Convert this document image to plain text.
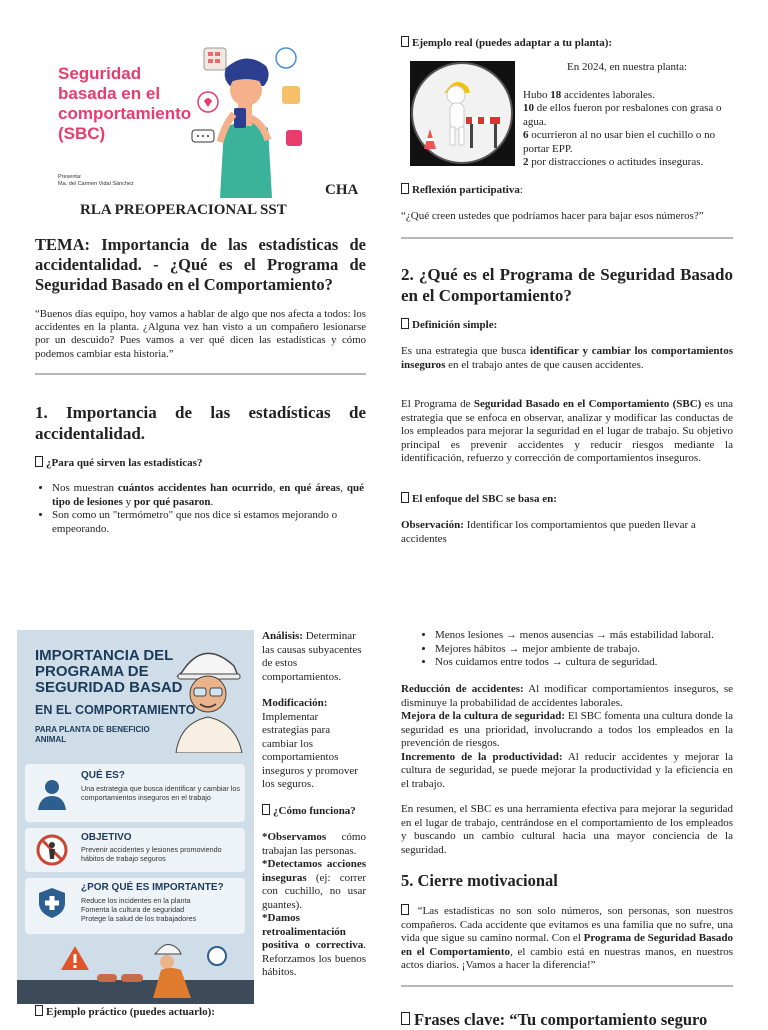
Seguridad
basada en el
comportamiento
(SBC)
Presenta:
Ma. del Carmen Vidal Sánchez	CHA
RLA PREOPERACIONAL SST
TEMA: Importancia de las estadísticas de accidentalidad. - ¿Qué es el Programa de Seguridad Basado en el Comportamiento?

“Buenos días equipo, hoy vamos a hablar de algo que nos afecta a todos: los accidentes en la planta. ¿Alguna vez han visto a un compañero lesionarse por un descuido? Pues vamos a ver qué dicen las estadísticas y cómo podemos cambiar esta historia.”

1. Importancia de las estadísticas de accidentalidad.
¿Para qué sirven las estadísticas?
• Nos muestran cuántos accidentes han ocurrido, en qué áreas, qué tipo de lesiones y por qué pasaron.
• Son como un "termómetro" que nos dice si estamos mejorando o empeorando.
Ejemplo real (puedes adaptar a tu planta):
En 2024, en nuestra planta:
Hubo 18 accidentes laborales.
10 de ellos fueron por resbalones con grasa o agua.
6 ocurrieron al no usar bien el cuchillo o no portar EPP.
2 por distracciones o actitudes inseguras.
Reflexión participativa:
“¿Qué creen ustedes que podríamos hacer para bajar esos números?”
2. ¿Qué es el Programa de Seguridad Basado en el Comportamiento?
Definición simple:

Es una estrategia que busca identificar y cambiar los comportamientos inseguros en el trabajo antes de que causen accidentes.

El Programa de Seguridad Basado en el Comportamiento (SBC) es una estrategia que se enfoca en observar, analizar y modificar las conductas de los empleados para mejorar la seguridad en el lugar de trabajo. Su objetivo principal es prevenir accidentes y reducir riesgos mediante la identificación, refuerzo y corrección de comportamientos inseguros.

El enfoque del SBC se basa en:

Observación: Identificar los comportamientos que pueden llevar a accidentes

IMPORTANCIA DEL
PROGRAMA DE
SEGURIDAD BASAD
EN EL COMPORTAMIENTO
PARA PLANTA DE BENEFICIO
ANIMAL
QUÉ ES?
Una estrategia que busca identificar y cambiar los comportamientos inseguros en el trabajo
OBJETIVO
Prevenir accidentes y lesiones promoviendo hábitos de trabajo seguros
¿POR QUÉ ES IMPORTANTE?
Reduce los incidentes en la planta
Fomenta la cultura de seguridad
Protege la salud de los trabajadores
Análisis: Determinar las causas subyacentes de estos comportamientos.
Modificación:
Implementar estrategias para cambiar los comportamientos inseguros y promover los seguros.
¿Cómo funciona?
*Observamos cómo trabajan las personas.
*Detectamos acciones inseguras (ej: correr con cuchillo, no usar guantes).
*Damos retroalimentación positiva o correctiva. Reforzamos los buenos hábitos.
Ejemplo práctico (puedes actuarlo):
• Menos lesiones → menos ausencias → más estabilidad laboral.
• Mejores hábitos → mejor ambiente de trabajo.
• Nos cuidamos entre todos → cultura de seguridad.

Reducción de accidentes: Al modificar comportamientos inseguros, se disminuye la probabilidad de accidentes laborales.

Mejora de la cultura de seguridad: El SBC fomenta una cultura donde la seguridad es una prioridad, involucrando a todos los empleados en la prevención de riesgos.

Incremento de la productividad: Al reducir accidentes y mejorar la cultura de seguridad, se puede mejorar la productividad y la eficiencia en el trabajo.

En resumen, el SBC es una herramienta efectiva para mejorar la seguridad en el lugar de trabajo, centrándose en el comportamiento de los empleados y buscando un cambio cultural hacia una mayor conciencia de la seguridad.

5. Cierre motivacional

“Las estadísticas no son solo números, son personas, son nuestros compañeros. Cada accidente que evitamos es una familia que no sufre, una vida que sigue su camino normal. Con el Programa de Seguridad Basado en el Comportamiento, el cambio está en nuestras manos, en nuestros actos diarios. ¡Vamos a hacer la diferencia!”

Frases clave: “Tu comportamiento seguro
